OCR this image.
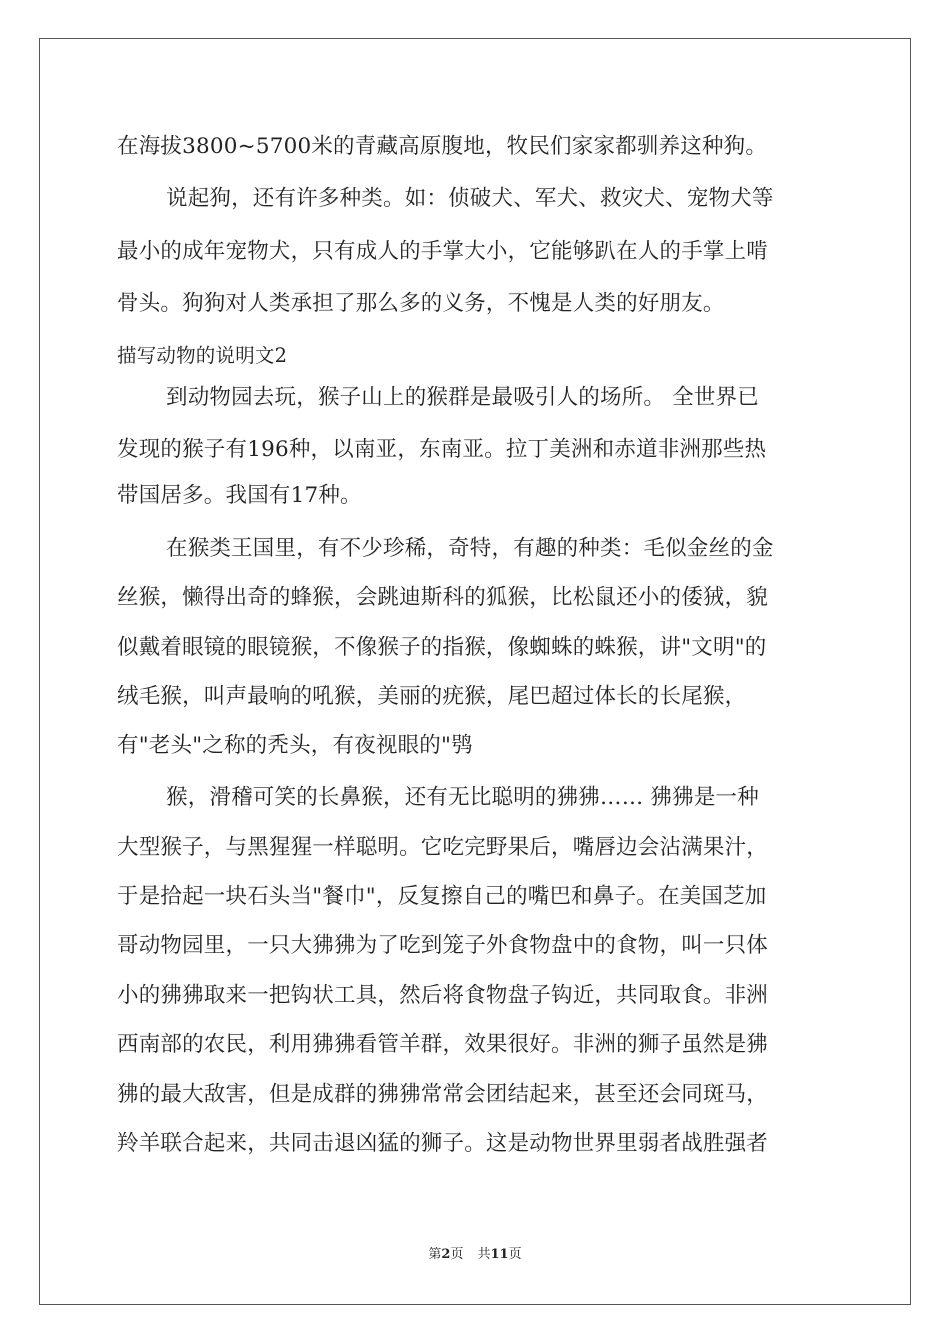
在海拔3800~5700米的青藏高原腹地，牧民们家家都驯养这种狗。
说起狗，还有许多种类。如：侦破犬、军犬、救灾犬、宠物犬等
最小的成年宠物犬，只有成人的手掌大小，它能够趴在人的手掌上啃
骨头。狗狗对人类承担了那么多的义务，不愧是人类的好朋友。
描写动物的说明文2
到动物园去玩，猴子山上的猴群是最吸引人的场所。 全世界已
发现的猴子有196种，以南亚，东南亚。拉丁美洲和赤道非洲那些热
带国居多。我国有17种。
在猴类王国里，有不少珍稀，奇特，有趣的种类：毛似金丝的金
丝猴，懒得出奇的蜂猴，会跳迪斯科的狐猴，比松鼠还小的倭狨，貌
似戴着眼镜的眼镜猴，不像猴子的指猴，像蜘蛛的蛛猴，讲"文明"的
绒毛猴，叫声最响的吼猴，美丽的疣猴，尾巴超过体长的长尾猴，
有"老头"之称的秃头，有夜视眼的"鸮
猴，滑稽可笑的长鼻猴，还有无比聪明的狒狒…… 狒狒是一种
大型猴子，与黑猩猩一样聪明。它吃完野果后，嘴唇边会沾满果汁，
于是拾起一块石头当"餐巾"，反复擦自己的嘴巴和鼻子。在美国芝加
哥动物园里，一只大狒狒为了吃到笼子外食物盘中的食物，叫一只体
小的狒狒取来一把钩状工具，然后将食物盘子钩近，共同取食。非洲
西南部的农民，利用狒狒看管羊群，效果很好。非洲的狮子虽然是狒
狒的最大敌害，但是成群的狒狒常常会团结起来，甚至还会同斑马，
羚羊联合起来，共同击退凶猛的狮子。这是动物世界里弱者战胜强者
第2页 共11页
